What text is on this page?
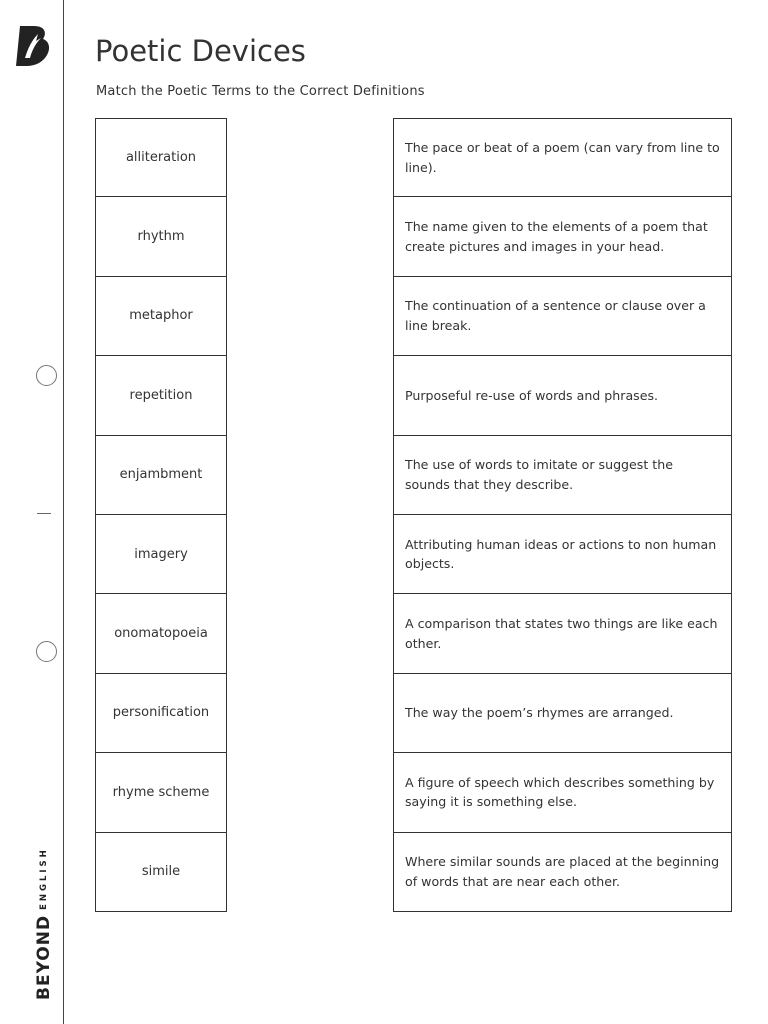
BEYONDENGLISH
Poetic Devices

Match the Poetic Terms to the Correct Definitions

alliteration
rhythm
metaphor
repetition
enjambment
imagery
onomatopoeia
personification
rhyme scheme
simile
The pace or beat of a poem (can vary from line to line).
The name given to the elements of a poem that create pictures and images in your head.
The continuation of a sentence or clause over a line break.
Purposeful re-use of words and phrases.
The use of words to imitate or suggest the sounds that they describe.
Attributing human ideas or actions to non human objects.
A comparison that states two things are like each other.
The way the poem’s rhymes are arranged.
A figure of speech which describes something by saying it is something else.
Where similar sounds are placed at the beginning of words that are near each other.
